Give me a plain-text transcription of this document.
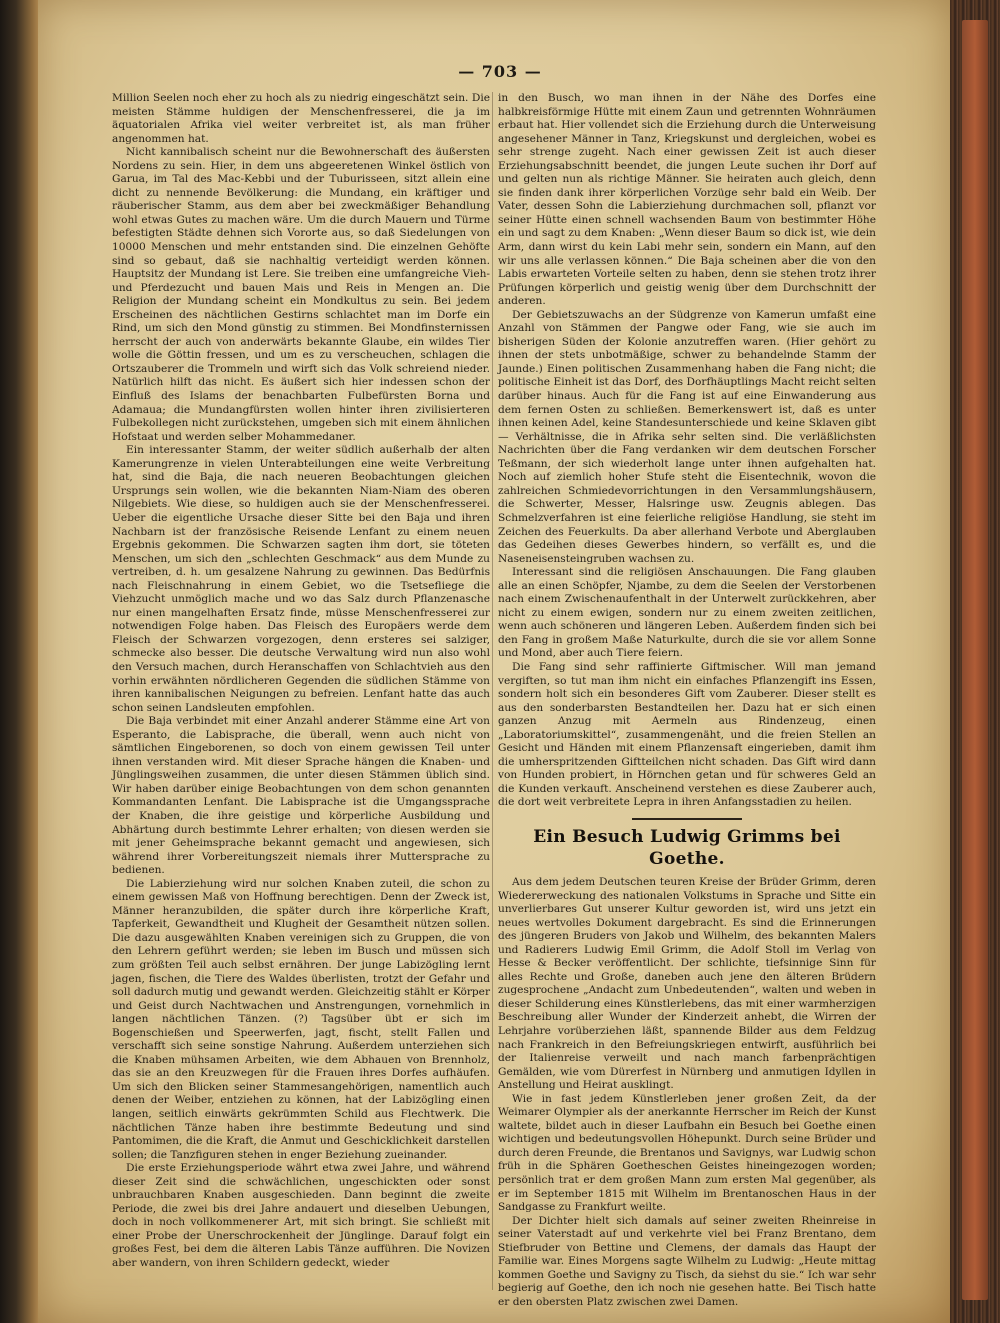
— 703 —

Million Seelen noch eher zu hoch als zu niedrig eingeschätzt sein. Die meisten Stämme huldigen der Menschenfresserei, die ja im äquatorialen Afrika viel weiter verbreitet ist, als man früher angenommen hat.

Nicht kannibalisch scheint nur die Bewohnerschaft des äußersten Nordens zu sein. Hier, in dem uns abgeeretenen Winkel östlich von Garua, im Tal des Mac-Kebbi und der Tuburisseen, sitzt allein eine dicht zu nennende Bevölkerung: die Mundang, ein kräftiger und räuberischer Stamm, aus dem aber bei zweckmäßiger Behandlung wohl etwas Gutes zu machen wäre. Um die durch Mauern und Türme befestigten Städte dehnen sich Vororte aus, so daß Siedelungen von 10000 Menschen und mehr entstanden sind. Die einzelnen Gehöfte sind so gebaut, daß sie nachhaltig verteidigt werden können. Hauptsitz der Mundang ist Lere. Sie treiben eine umfangreiche Vieh- und Pferdezucht und bauen Mais und Reis in Mengen an. Die Religion der Mundang scheint ein Mondkultus zu sein. Bei jedem Erscheinen des nächtlichen Gestirns schlachtet man im Dorfe ein Rind, um sich den Mond günstig zu stimmen. Bei Mondfinsternissen herrscht der auch von anderwärts bekannte Glaube, ein wildes Tier wolle die Göttin fressen, und um es zu verscheuchen, schlagen die Ortszauberer die Trommeln und wirft sich das Volk schreiend nieder. Natürlich hilft das nicht. Es äußert sich hier indessen schon der Einfluß des Islams der benachbarten Fulbefürsten Borna und Adamaua; die Mundangfürsten wollen hinter ihren zivilisierteren Fulbekollegen nicht zurückstehen, umgeben sich mit einem ähnlichen Hofstaat und werden selber Mohammedaner.

Ein interessanter Stamm, der weiter südlich außerhalb der alten Kamerungrenze in vielen Unterabteilungen eine weite Verbreitung hat, sind die Baja, die nach neueren Beobachtungen gleichen Ursprungs sein wollen, wie die bekannten Niam-Niam des oberen Nilgebiets. Wie diese, so huldigen auch sie der Menschenfresserei. Ueber die eigentliche Ursache dieser Sitte bei den Baja und ihren Nachbarn ist der französische Reisende Lenfant zu einem neuen Ergebnis gekommen. Die Schwarzen sagten ihm dort, sie töteten Menschen, um sich den „schlechten Geschmack“ aus dem Munde zu vertreiben, d. h. um gesalzene Nahrung zu gewinnen. Das Bedürfnis nach Fleischnahrung in einem Gebiet, wo die Tsetsefliege die Viehzucht unmöglich mache und wo das Salz durch Pflanzenasche nur einen mangelhaften Ersatz finde, müsse Menschenfresserei zur notwendigen Folge haben. Das Fleisch des Europäers werde dem Fleisch der Schwarzen vorgezogen, denn ersteres sei salziger, schmecke also besser. Die deutsche Verwaltung wird nun also wohl den Versuch machen, durch Heranschaffen von Schlachtvieh aus den vorhin erwähnten nördlicheren Gegenden die südlichen Stämme von ihren kannibalischen Neigungen zu befreien. Lenfant hatte das auch schon seinen Landsleuten empfohlen.

Die Baja verbindet mit einer Anzahl anderer Stämme eine Art von Esperanto, die Labisprache, die überall, wenn auch nicht von sämtlichen Eingeborenen, so doch von einem gewissen Teil unter ihnen verstanden wird. Mit dieser Sprache hängen die Knaben- und Jünglingsweihen zusammen, die unter diesen Stämmen üblich sind. Wir haben darüber einige Beobachtungen von dem schon genannten Kommandanten Lenfant. Die Labisprache ist die Umgangssprache der Knaben, die ihre geistige und körperliche Ausbildung und Abhärtung durch bestimmte Lehrer erhalten; von diesen werden sie mit jener Geheimsprache bekannt gemacht und angewiesen, sich während ihrer Vorbereitungszeit niemals ihrer Muttersprache zu bedienen.

Die Labierziehung wird nur solchen Knaben zuteil, die schon zu einem gewissen Maß von Hoffnung berechtigen. Denn der Zweck ist, Männer heranzubilden, die später durch ihre körperliche Kraft, Tapferkeit, Gewandtheit und Klugheit der Gesamtheit nützen sollen. Die dazu ausgewählten Knaben vereinigen sich zu Gruppen, die von den Lehrern geführt werden; sie leben im Busch und müssen sich zum größten Teil auch selbst ernähren. Der junge Labizögling lernt jagen, fischen, die Tiere des Waldes überlisten, trotzt der Gefahr und soll dadurch mutig und gewandt werden. Gleichzeitig stählt er Körper und Geist durch Nachtwachen und Anstrengungen, vornehmlich in langen nächtlichen Tänzen. (?) Tagsüber übt er sich im Bogenschießen und Speerwerfen, jagt, fischt, stellt Fallen und verschafft sich seine sonstige Nahrung. Außerdem unterziehen sich die Knaben mühsamen Arbeiten, wie dem Abhauen von Brennholz, das sie an den Kreuzwegen für die Frauen ihres Dorfes aufhäufen. Um sich den Blicken seiner Stammesangehörigen, namentlich auch denen der Weiber, entziehen zu können, hat der Labizögling einen langen, seitlich einwärts gekrümmten Schild aus Flechtwerk. Die nächtlichen Tänze haben ihre bestimmte Bedeutung und sind Pantomimen, die die Kraft, die Anmut und Geschicklichkeit darstellen sollen; die Tanzfiguren stehen in enger Beziehung zueinander.

Die erste Erziehungsperiode währt etwa zwei Jahre, und während dieser Zeit sind die schwächlichen, ungeschickten oder sonst unbrauchbaren Knaben ausgeschieden. Dann beginnt die zweite Periode, die zwei bis drei Jahre andauert und dieselben Uebungen, doch in noch vollkommenerer Art, mit sich bringt. Sie schließt mit einer Probe der Unerschrockenheit der Jünglinge. Darauf folgt ein großes Fest, bei dem die älteren Labis Tänze aufführen. Die Novizen aber wandern, von ihren Schildern gedeckt, wieder

in den Busch, wo man ihnen in der Nähe des Dorfes eine halbkreisförmige Hütte mit einem Zaun und getrennten Wohnräumen erbaut hat. Hier vollendet sich die Erziehung durch die Unterweisung angesehener Männer in Tanz, Kriegskunst und dergleichen, wobei es sehr strenge zugeht. Nach einer gewissen Zeit ist auch dieser Erziehungsabschnitt beendet, die jungen Leute suchen ihr Dorf auf und gelten nun als richtige Männer. Sie heiraten auch gleich, denn sie finden dank ihrer körperlichen Vorzüge sehr bald ein Weib. Der Vater, dessen Sohn die Labierziehung durchmachen soll, pflanzt vor seiner Hütte einen schnell wachsenden Baum von bestimmter Höhe ein und sagt zu dem Knaben: „Wenn dieser Baum so dick ist, wie dein Arm, dann wirst du kein Labi mehr sein, sondern ein Mann, auf den wir uns alle verlassen können.“ Die Baja scheinen aber die von den Labis erwarteten Vorteile selten zu haben, denn sie stehen trotz ihrer Prüfungen körperlich und geistig wenig über dem Durchschnitt der anderen.

Der Gebietszuwachs an der Südgrenze von Kamerun umfaßt eine Anzahl von Stämmen der Pangwe oder Fang, wie sie auch im bisherigen Süden der Kolonie anzutreffen waren. (Hier gehört zu ihnen der stets unbotmäßige, schwer zu behandelnde Stamm der Jaunde.) Einen politischen Zusammenhang haben die Fang nicht; die politische Einheit ist das Dorf, des Dorfhäuptlings Macht reicht selten darüber hinaus. Auch für die Fang ist auf eine Einwanderung aus dem fernen Osten zu schließen. Bemerkenswert ist, daß es unter ihnen keinen Adel, keine Standesunterschiede und keine Sklaven gibt — Verhältnisse, die in Afrika sehr selten sind. Die verläßlichsten Nachrichten über die Fang verdanken wir dem deutschen Forscher Teßmann, der sich wiederholt lange unter ihnen aufgehalten hat. Noch auf ziemlich hoher Stufe steht die Eisentechnik, wovon die zahlreichen Schmiedevorrichtungen in den Versammlungshäusern, die Schwerter, Messer, Halsringe usw. Zeugnis ablegen. Das Schmelzverfahren ist eine feierliche religiöse Handlung, sie steht im Zeichen des Feuerkults. Da aber allerhand Verbote und Aberglauben das Gedeihen dieses Gewerbes hindern, so verfällt es, und die Naseneisensteingruben wachsen zu.

Interessant sind die religiösen Anschauungen. Die Fang glauben alle an einen Schöpfer, Njambe, zu dem die Seelen der Verstorbenen nach einem Zwischenaufenthalt in der Unterwelt zurückkehren, aber nicht zu einem ewigen, sondern nur zu einem zweiten zeitlichen, wenn auch schöneren und längeren Leben. Außerdem finden sich bei den Fang in großem Maße Naturkulte, durch die sie vor allem Sonne und Mond, aber auch Tiere feiern.

Die Fang sind sehr raffinierte Giftmischer. Will man jemand vergiften, so tut man ihm nicht ein einfaches Pflanzengift ins Essen, sondern holt sich ein besonderes Gift vom Zauberer. Dieser stellt es aus den sonderbarsten Bestandteilen her. Dazu hat er sich einen ganzen Anzug mit Aermeln aus Rindenzeug, einen „Laboratoriumskittel“, zusammengenäht, und die freien Stellen an Gesicht und Händen mit einem Pflanzensaft eingerieben, damit ihm die umherspritzenden Giftteilchen nicht schaden. Das Gift wird dann von Hunden probiert, in Hörnchen getan und für schweres Geld an die Kunden verkauft. Anscheinend verstehen es diese Zauberer auch, die dort weit verbreitete Lepra in ihren Anfangsstadien zu heilen.

Ein Besuch Ludwig Grimms bei Goethe.

Aus dem jedem Deutschen teuren Kreise der Brüder Grimm, deren Wiedererweckung des nationalen Volkstums in Sprache und Sitte ein unverlierbares Gut unserer Kultur geworden ist, wird uns jetzt ein neues wertvolles Dokument dargebracht. Es sind die Erinnerungen des jüngeren Bruders von Jakob und Wilhelm, des bekannten Malers und Radierers Ludwig Emil Grimm, die Adolf Stoll im Verlag von Hesse & Becker veröffentlicht. Der schlichte, tiefsinnige Sinn für alles Rechte und Große, daneben auch jene den älteren Brüdern zugesprochene „Andacht zum Unbedeutenden“, walten und weben in dieser Schilderung eines Künstlerlebens, das mit einer warmherzigen Beschreibung aller Wunder der Kinderzeit anhebt, die Wirren der Lehrjahre vorüberziehen läßt, spannende Bilder aus dem Feldzug nach Frankreich in den Befreiungskriegen entwirft, ausführlich bei der Italienreise verweilt und nach manch farbenprächtigen Gemälden, wie vom Dürerfest in Nürnberg und anmutigen Idyllen in Anstellung und Heirat ausklingt.

Wie in fast jedem Künstlerleben jener großen Zeit, da der Weimarer Olympier als der anerkannte Herrscher im Reich der Kunst waltete, bildet auch in dieser Laufbahn ein Besuch bei Goethe einen wichtigen und bedeutungsvollen Höhepunkt. Durch seine Brüder und durch deren Freunde, die Brentanos und Savignys, war Ludwig schon früh in die Sphären Goetheschen Geistes hineingezogen worden; persönlich trat er dem großen Mann zum ersten Mal gegenüber, als er im September 1815 mit Wilhelm im Brentanoschen Haus in der Sandgasse zu Frankfurt weilte.

Der Dichter hielt sich damals auf seiner zweiten Rheinreise in seiner Vaterstadt auf und verkehrte viel bei Franz Brentano, dem Stiefbruder von Bettine und Clemens, der damals das Haupt der Familie war. Eines Morgens sagte Wilhelm zu Ludwig: „Heute mittag kommen Goethe und Savigny zu Tisch, da siehst du sie.“ Ich war sehr begierig auf Goethe, den ich noch nie gesehen hatte. Bei Tisch hatte er den obersten Platz zwischen zwei Damen.
